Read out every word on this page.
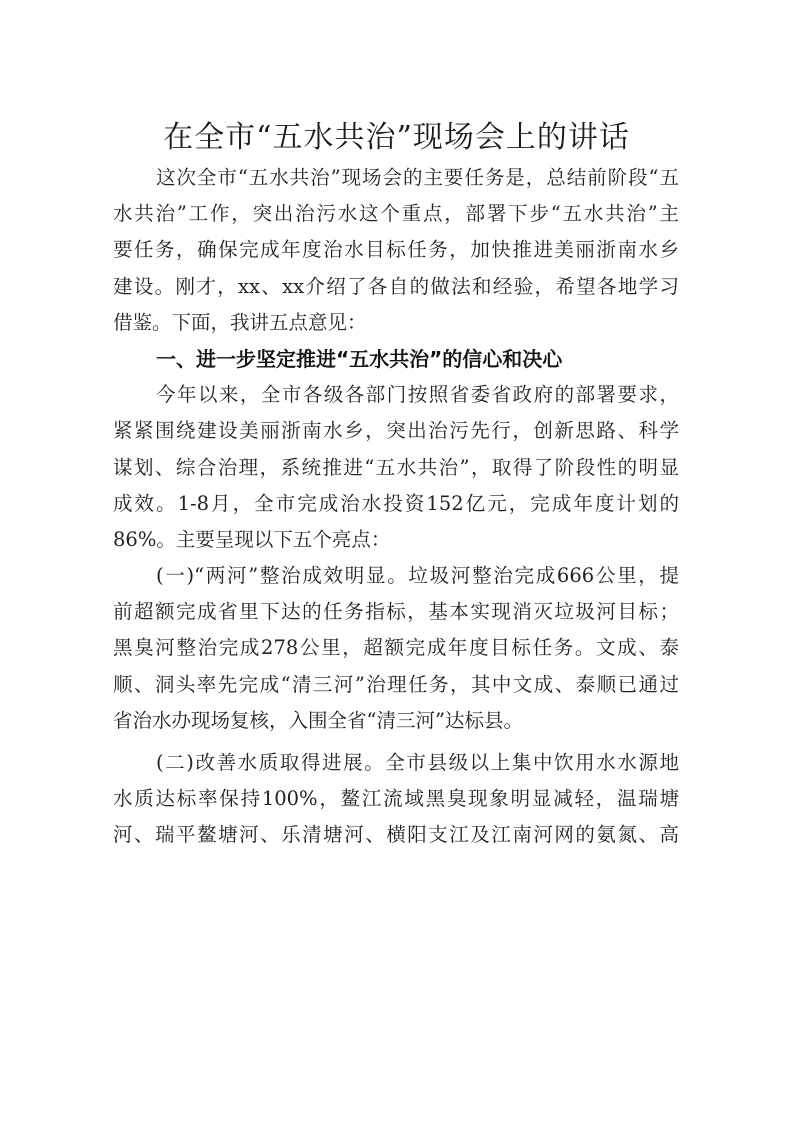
在全市“五水共治”现场会上的讲话
这次全市“五水共治”现场会的主要任务是，总结前阶段“五
水共治”工作，突出治污水这个重点，部署下步“五水共治”主
要任务，确保完成年度治水目标任务，加快推进美丽浙南水乡
建设。刚才，xx、xx介绍了各自的做法和经验，希望各地学习
借鉴。下面，我讲五点意见：
一、进一步坚定推进“五水共治”的信心和决心
今年以来，全市各级各部门按照省委省政府的部署要求，
紧紧围绕建设美丽浙南水乡，突出治污先行，创新思路、科学
谋划、综合治理，系统推进“五水共治”，取得了阶段性的明显
成效。1-8月，全市完成治水投资152亿元，完成年度计划的
86%。主要呈现以下五个亮点：
(一)“两河”整治成效明显。垃圾河整治完成666公里，提
前超额完成省里下达的任务指标，基本实现消灭垃圾河目标；
黑臭河整治完成278公里，超额完成年度目标任务。文成、泰
顺、洞头率先完成“清三河”治理任务，其中文成、泰顺已通过
省治水办现场复核，入围全省“清三河”达标县。
(二)改善水质取得进展。全市县级以上集中饮用水水源地
水质达标率保持100%，鳌江流域黑臭现象明显减轻，温瑞塘
河、瑞平鳌塘河、乐清塘河、横阳支江及江南河网的氨氮、高
